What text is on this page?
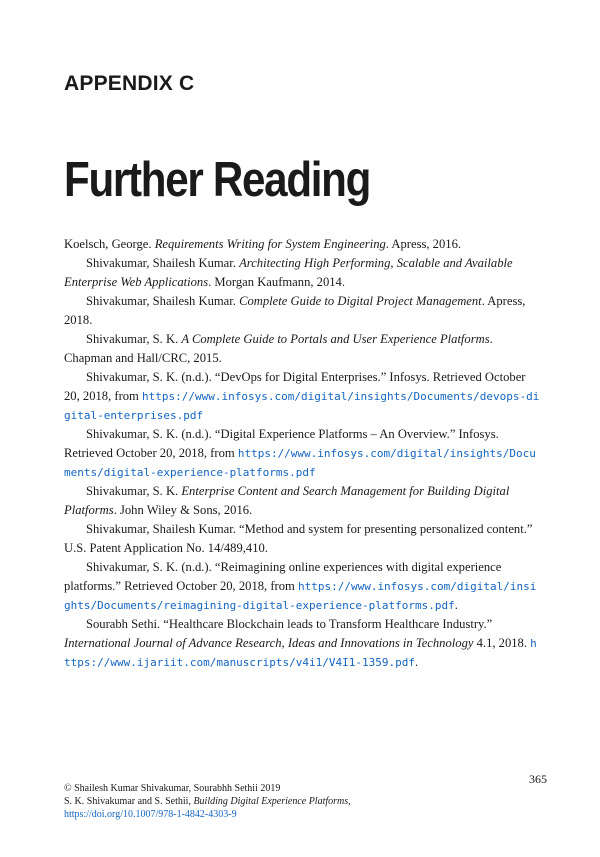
APPENDIX C
Further Reading

Koelsch, George. Requirements Writing for System Engineering. Apress, 2016.

Shivakumar, Shailesh Kumar. Architecting High Performing, Scalable and Available Enterprise Web Applications. Morgan Kaufmann, 2014.

Shivakumar, Shailesh Kumar. Complete Guide to Digital Project Management. Apress, 2018.

Shivakumar, S. K. A Complete Guide to Portals and User Experience Platforms. Chapman and Hall/CRC, 2015.

Shivakumar, S. K. (n.d.). “DevOps for Digital Enterprises.” Infosys. Retrieved October 20, 2018, from https://www.infosys.com/digital/insights/Documents/devops-digital-enterprises.pdf

Shivakumar, S. K. (n.d.). “Digital Experience Platforms – An Overview.” Infosys. Retrieved October 20, 2018, from https://www.infosys.com/digital/insights/Documents/digital-experience-platforms.pdf

Shivakumar, S. K. Enterprise Content and Search Management for Building Digital Platforms. John Wiley & Sons, 2016.

Shivakumar, Shailesh Kumar. “Method and system for presenting personalized content.” U.S. Patent Application No. 14/489,410.

Shivakumar, S. K. (n.d.). “Reimagining online experiences with digital experience platforms.” Retrieved October 20, 2018, from https://www.infosys.com/digital/insights/Documents/reimagining-digital-experience-platforms.pdf.

Sourabh Sethi. “Healthcare Blockchain leads to Transform Healthcare Industry.” International Journal of Advance Research, Ideas and Innovations in Technology 4.1, 2018. https://www.ijariit.com/manuscripts/v4i1/V4I1-1359.pdf.

365
© Shailesh Kumar Shivakumar, Sourabhh Sethii 2019
S. K. Shivakumar and S. Sethii, Building Digital Experience Platforms,
https://doi.org/10.1007/978-1-4842-4303-9
